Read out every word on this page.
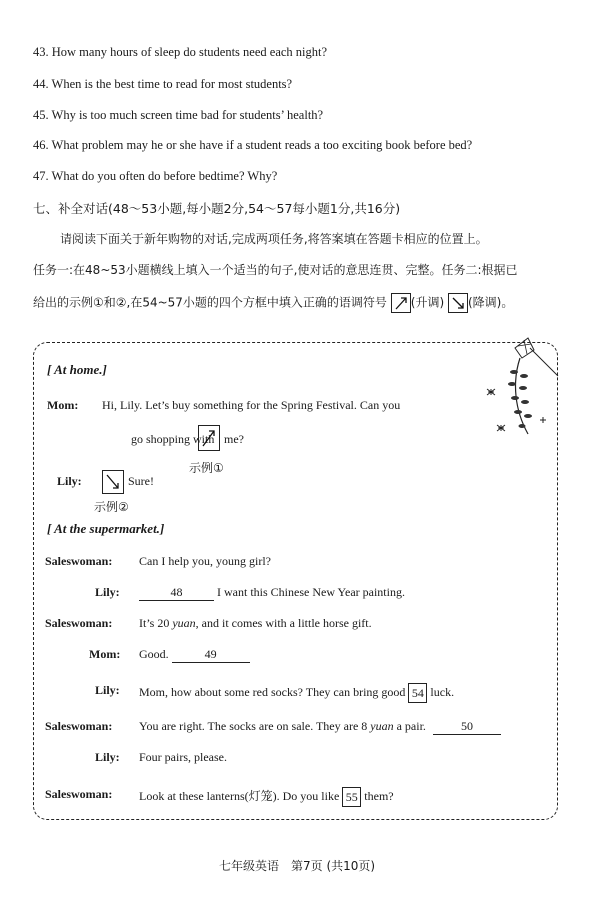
43. How many hours of sleep do students need each night?
44. When is the best time to read for most students?
45. Why is too much screen time bad for students’ health?
46. What problem may he or she have if a student reads a too exciting book before bed?
47. What do you often do before bedtime? Why?
七、补全对话(48～53小题,每小题2分,54～57每小题1分,共16分)
请阅读下面关于新年购物的对话,完成两项任务,将答案填在答题卡相应的位置上。
任务一:在48~53小题横线上填入一个适当的句子,使对话的意思连贯、完整。任务二:根据已
给出的示例①和②,在54~57小题的四个方框中填入正确的语调符号 (升调) (降调)。
[ At home.]
Mom:	Hi, Lily. Let’s buy something for the Spring Festival. Can you
go shopping with me?
示例①
Lily:	Sure!
示例②
[ At the supermarket.]
Saleswoman: Can I help you, young girl?
Lily:	48	I want this Chinese New Year painting.
Saleswoman: It’s 20 yuan, and it comes with a little horse gift.
Mom: Good.	49
Lily: Mom, how about some red socks? They can bring good 54 luck.
Saleswoman: You are right. The socks are on sale. They are 8 yuan a pair.	50
Lily: Four pairs, please.
Saleswoman: Look at these lanterns(灯笼). Do you like 55 them?
七年级英语　第7页 (共10页)
